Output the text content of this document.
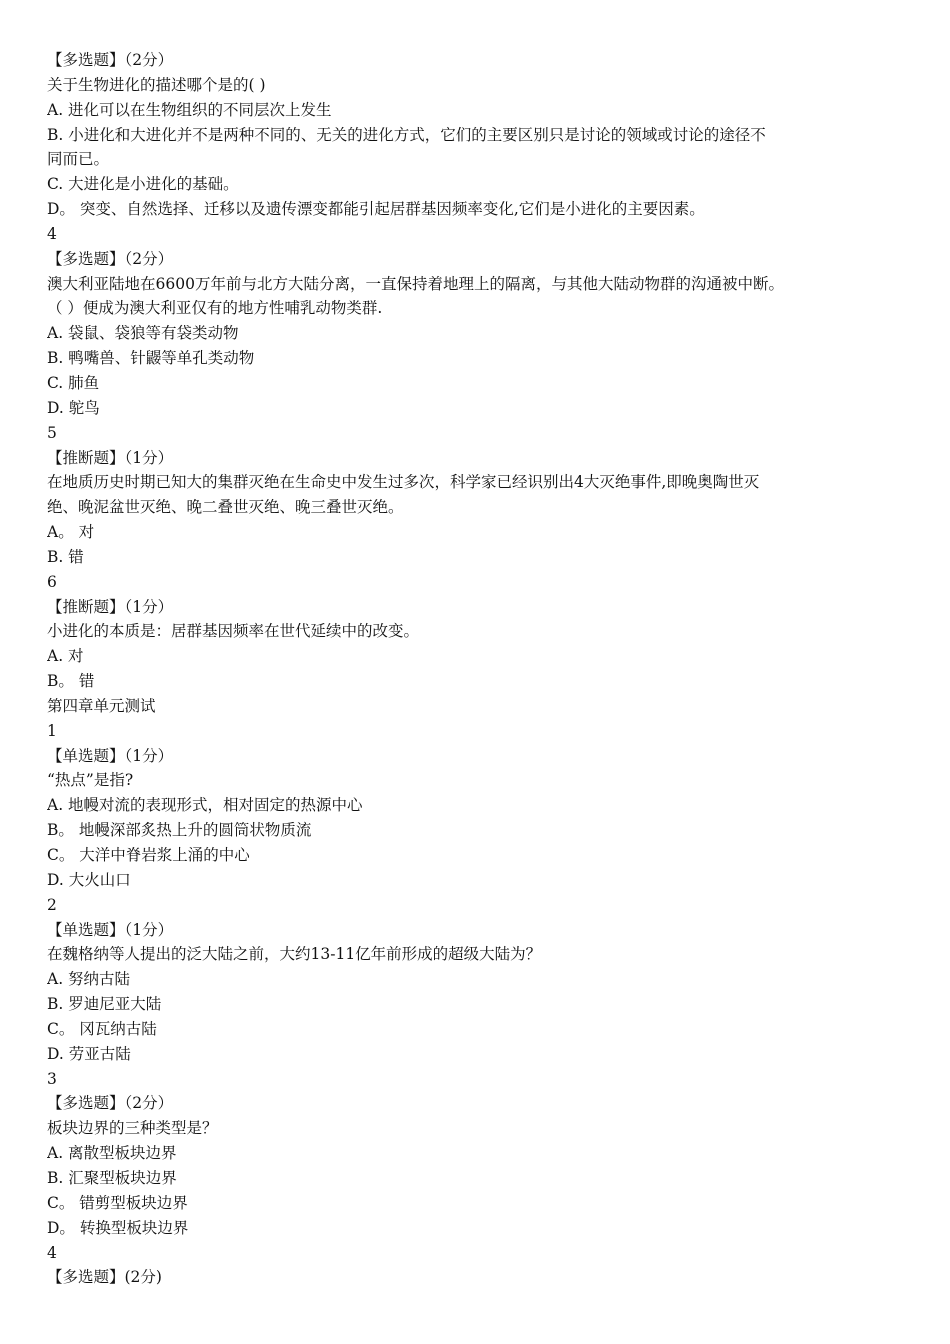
【多选题】（2分）
关于生物进化的描述哪个是的( )
A. 进化可以在生物组织的不同层次上发生
B. 小进化和大进化并不是两种不同的、无关的进化方式，它们的主要区别只是讨论的领域或讨论的途径不
同而已。
C. 大进化是小进化的基础。
D。 突变、自然选择、迁移以及遗传漂变都能引起居群基因频率变化,它们是小进化的主要因素。
4
【多选题】（2分）
澳大利亚陆地在6600万年前与北方大陆分离，一直保持着地理上的隔离，与其他大陆动物群的沟通被中断。
（ ）便成为澳大利亚仅有的地方性哺乳动物类群.
A. 袋鼠、袋狼等有袋类动物
B. 鸭嘴兽、针鼹等单孔类动物
C. 肺鱼
D. 鸵鸟
5
【推断题】（1分）
在地质历史时期已知大的集群灭绝在生命史中发生过多次，科学家已经识别出4大灭绝事件,即晚奥陶世灭
绝、晚泥盆世灭绝、晚二叠世灭绝、晚三叠世灭绝。
A。 对
B. 错
6
【推断题】（1分）
小进化的本质是：居群基因频率在世代延续中的改变。
A. 对
B。 错
第四章单元测试
1
【单选题】（1分）
“热点”是指?
A. 地幔对流的表现形式，相对固定的热源中心
B。 地幔深部炙热上升的圆筒状物质流
C。 大洋中脊岩浆上涌的中心
D. 大火山口
2
【单选题】（1分）
在魏格纳等人提出的泛大陆之前，大约13-11亿年前形成的超级大陆为？
A. 努纳古陆
B. 罗迪尼亚大陆
C。 冈瓦纳古陆
D. 劳亚古陆
3
【多选题】（2分）
板块边界的三种类型是？
A. 离散型板块边界
B. 汇聚型板块边界
C。 错剪型板块边界
D。 转换型板块边界
4
【多选题】(2分)
